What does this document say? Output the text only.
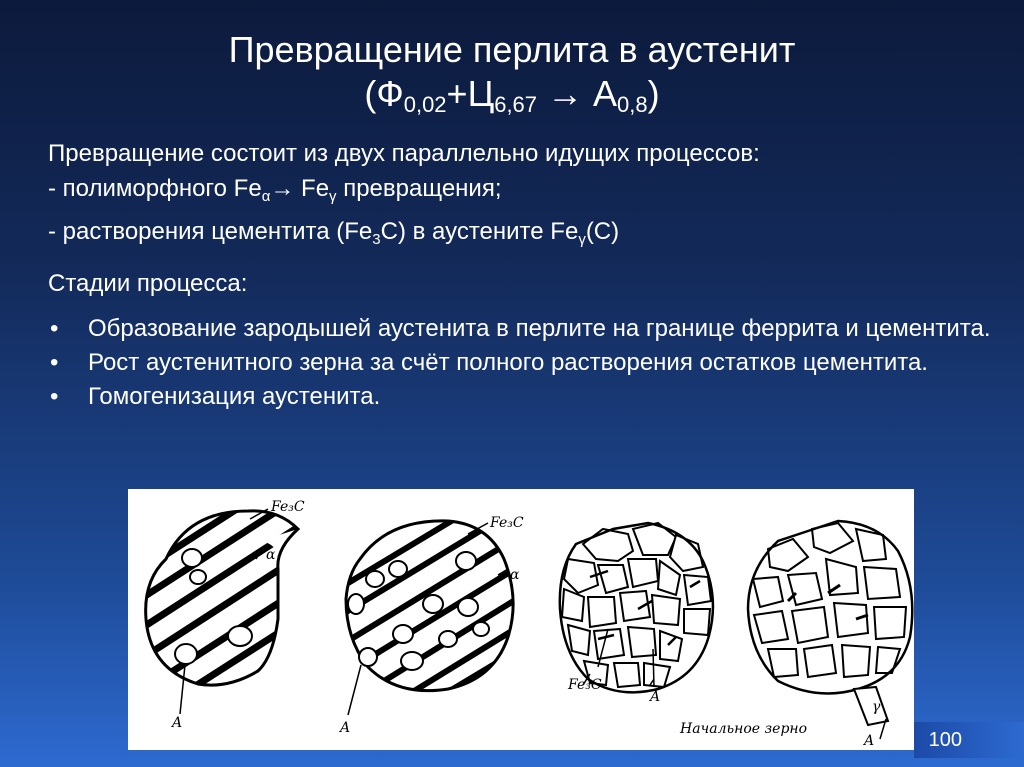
Превращение перлита в аустенит
$(Ф_{0,02}+Ц_{6,67} \to А_{0,8})$
Превращение состоит из двух параллельно идущих процессов:
- полиморфного $Fe_\alpha\to Fe_\gamma$ превращения;
- растворения цементита $(Fe_3C)$ в аустените $Fe_\gamma(C)$
Стадии процесса:
• Образование зародышей аустенита в перлите на границе феррита и цементита.
• Рост аустенитного зерна за счёт полного растворения остатков цементита.
• Гомогенизация аустенита.
Fe₃C
α
A
Fe₃C
α
A
Fe₃C
A
γ
Начальное зерно
A	100
